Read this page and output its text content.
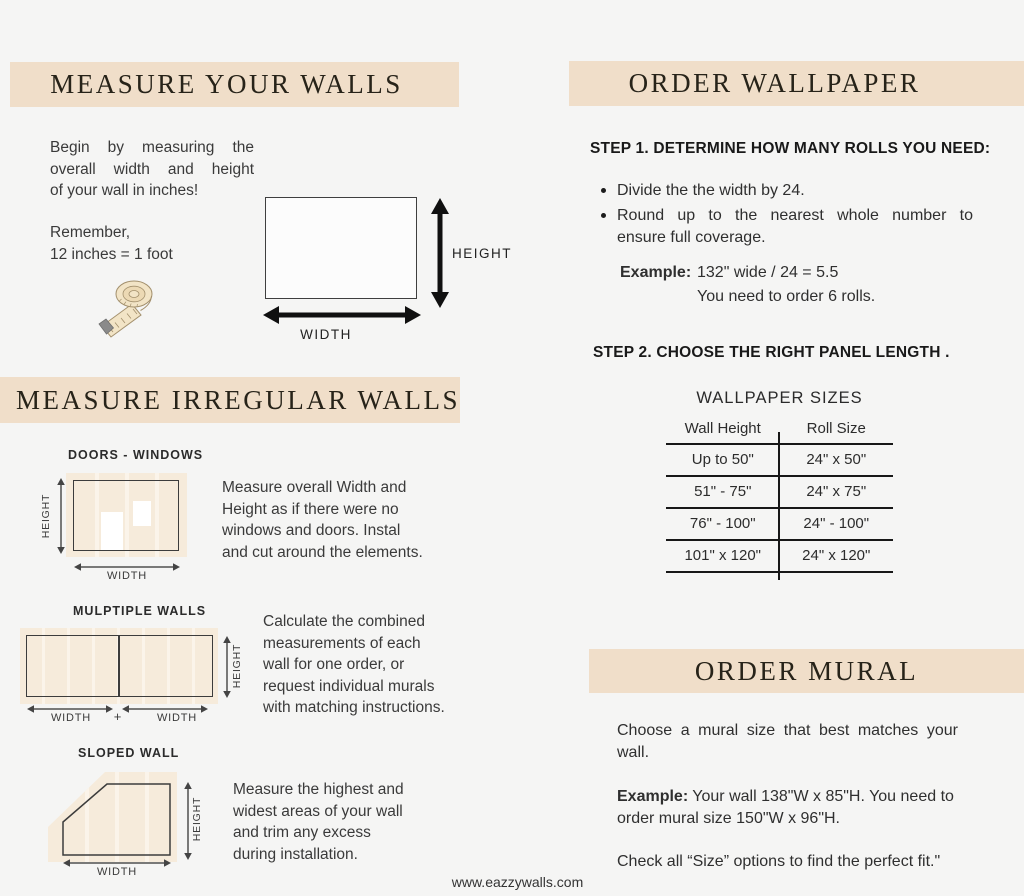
MEASURE YOUR WALLS	ORDER WALLPAPER
MEASURE IRREGULAR WALLS
ORDER MURAL
Begin by measuring the
overall width and height
of your wall in inches!
Remember,
12 inches = 1 foot	HEIGHT
WIDTH
DOORS - WINDOWS
HEIGHT
WIDTH
Measure overall Width and
Height as if there were no
windows and doors. Instal
and cut around the elements.
MULPTIPLE WALLS
HEIGHT
WIDTH	+	WIDTH
Calculate the combined
measurements of each
wall for one order, or
request individual murals
with matching instructions.
SLOPED WALL
HEIGHT
WIDTH
Measure the highest and
widest areas of your wall
and trim any excess
during installation.
STEP 1. DETERMINE HOW MANY ROLLS YOU NEED:
Divide the the width by 24.
Round up to the nearest whole number to
ensure full coverage.
Example: 132" wide / 24 = 5.5
You need to order 6 rolls.
STEP 2. CHOOSE THE RIGHT PANEL LENGTH .
WALLPAPER SIZES
Wall Height	Roll Size
Up to 50"	24" x 50"
51" - 75"	24" x 75"
76" - 100"	24" - 100"
101" x 120"	24" x 120"
Choose a mural size that best matches your
wall.
Example: Your wall 138"W x 85"H. You need to
order mural size 150"W x 96"H.
Check all “Size” options to find the perfect fit."
www.eazzywalls.com
